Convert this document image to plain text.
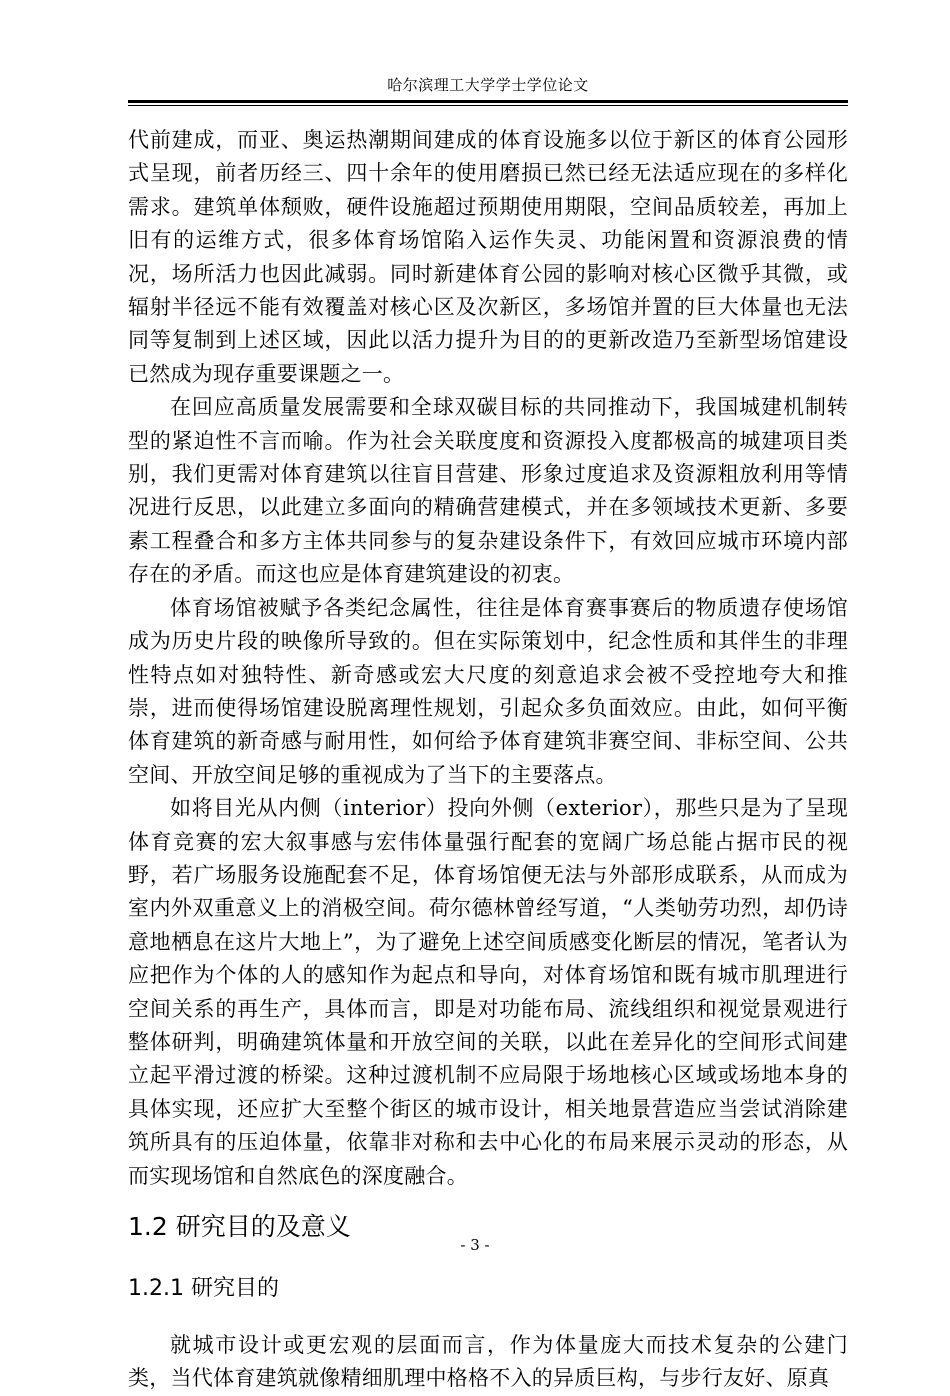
哈尔滨理工大学学士学位论文

代前建成，而亚、奥运热潮期间建成的体育设施多以位于新区的体育公园形式呈现，前者历经三、四十余年的使用磨损已然已经无法适应现在的多样化需求。建筑单体颓败，硬件设施超过预期使用期限，空间品质较差，再加上旧有的运维方式，很多体育场馆陷入运作失灵、功能闲置和资源浪费的情况，场所活力也因此减弱。同时新建体育公园的影响对核心区微乎其微，或辐射半径远不能有效覆盖对核心区及次新区，多场馆并置的巨大体量也无法同等复制到上述区域，因此以活力提升为目的的更新改造乃至新型场馆建设已然成为现存重要课题之一。

在回应高质量发展需要和全球双碳目标的共同推动下，我国城建机制转型的紧迫性不言而喻。作为社会关联度度和资源投入度都极高的城建项目类别，我们更需对体育建筑以往盲目营建、形象过度追求及资源粗放利用等情况进行反思，以此建立多面向的精确营建模式，并在多领域技术更新、多要素工程叠合和多方主体共同参与的复杂建设条件下，有效回应城市环境内部存在的矛盾。而这也应是体育建筑建设的初衷。

体育场馆被赋予各类纪念属性，往往是体育赛事赛后的物质遗存使场馆成为历史片段的映像所导致的。但在实际策划中，纪念性质和其伴生的非理性特点如对独特性、新奇感或宏大尺度的刻意追求会被不受控地夸大和推崇，进而使得场馆建设脱离理性规划，引起众多负面效应。由此，如何平衡体育建筑的新奇感与耐用性，如何给予体育建筑非赛空间、非标空间、公共空间、开放空间足够的重视成为了当下的主要落点。

如将目光从内侧（interior）投向外侧（exterior），那些只是为了呈现体育竞赛的宏大叙事感与宏伟体量强行配套的宽阔广场总能占据市民的视野，若广场服务设施配套不足，体育场馆便无法与外部形成联系，从而成为室内外双重意义上的消极空间。荷尔德林曾经写道，“人类劬劳功烈，却仍诗意地栖息在这片大地上”，为了避免上述空间质感变化断层的情况，笔者认为应把作为个体的人的感知作为起点和导向，对体育场馆和既有城市肌理进行空间关系的再生产，具体而言，即是对功能布局、流线组织和视觉景观进行整体研判，明确建筑体量和开放空间的关联，以此在差异化的空间形式间建立起平滑过渡的桥梁。这种过渡机制不应局限于场地核心区域或场地本身的具体实现，还应扩大至整个街区的城市设计，相关地景营造应当尝试消除建筑所具有的压迫体量，依靠非对称和去中心化的布局来展示灵动的形态，从而实现场馆和自然底色的深度融合。

1.2 研究目的及意义
1.2.1 研究目的

就城市设计或更宏观的层面而言，作为体量庞大而技术复杂的公建门类，当代体育建筑就像精细肌理中格格不入的异质巨构，与步行友好、原真

- 3 -
